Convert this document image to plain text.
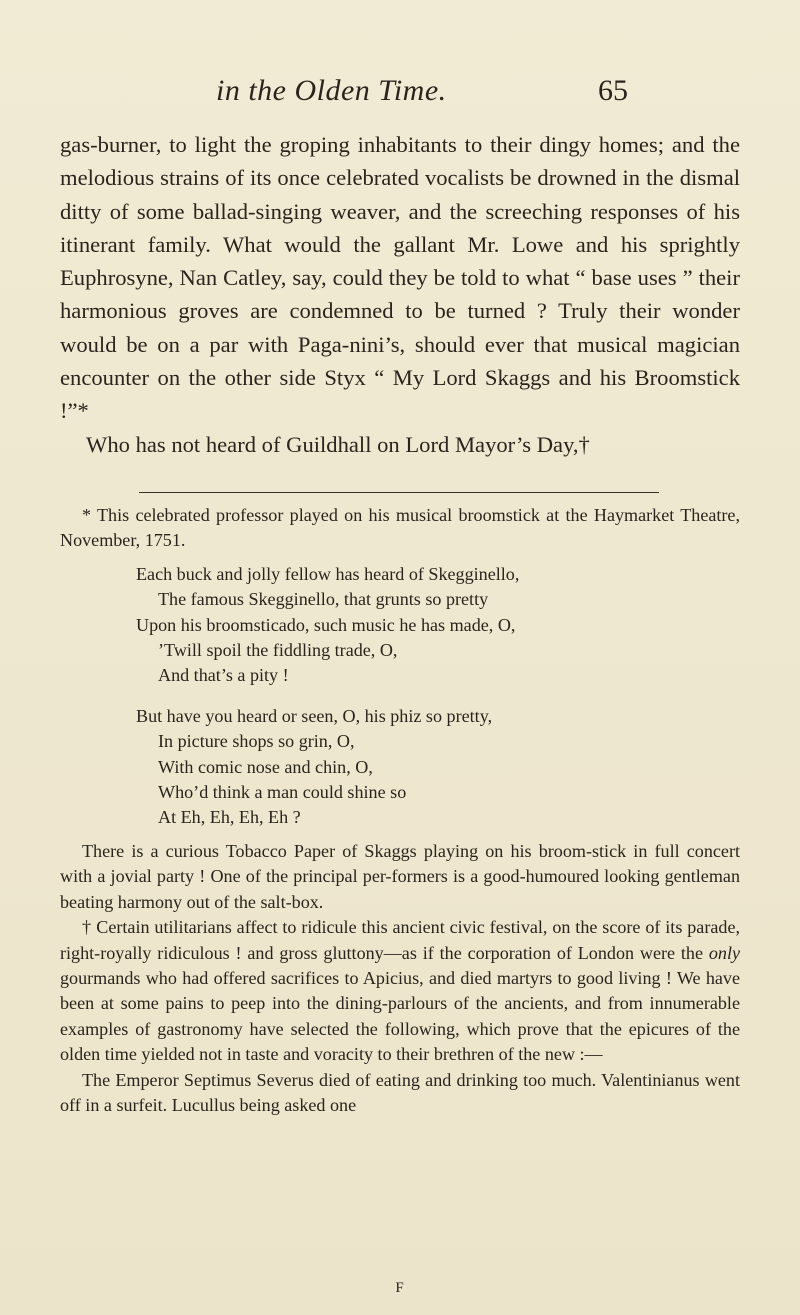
in the Olden Time.	65

gas-burner, to light the groping inhabitants to their dingy homes; and the melodious strains of its once celebrated vocalists be drowned in the dismal ditty of some ballad-singing weaver, and the screeching responses of his itinerant family. What would the gallant Mr. Lowe and his sprightly Euphrosyne, Nan Catley, say, could they be told to what “ base uses ” their harmonious groves are condemned to be turned ? Truly their wonder would be on a par with Paga-nini’s, should ever that musical magician encounter on the other side Styx “ My Lord Skaggs and his Broomstick !”*

Who has not heard of Guildhall on Lord Mayor’s Day,†

* This celebrated professor played on his musical broomstick at the Haymarket Theatre, November, 1751.

Each buck and jolly fellow has heard of Skegginello,
The famous Skegginello, that grunts so pretty
Upon his broomsticado, such music he has made, O,
’Twill spoil the fiddling trade, O,
And that’s a pity !
But have you heard or seen, O, his phiz so pretty,
In picture shops so grin, O,
With comic nose and chin, O,
Who’d think a man could shine so
At Eh, Eh, Eh, Eh ?

There is a curious Tobacco Paper of Skaggs playing on his broom-stick in full concert with a jovial party ! One of the principal per-formers is a good-humoured looking gentleman beating harmony out of the salt-box.

† Certain utilitarians affect to ridicule this ancient civic festival, on the score of its parade, right-royally ridiculous ! and gross gluttony—as if the corporation of London were the only gourmands who had offered sacrifices to Apicius, and died martyrs to good living ! We have been at some pains to peep into the dining-parlours of the ancients, and from innumerable examples of gastronomy have selected the following, which prove that the epicures of the olden time yielded not in taste and voracity to their brethren of the new :—

The Emperor Septimus Severus died of eating and drinking too much. Valentinianus went off in a surfeit. Lucullus being asked one

F
